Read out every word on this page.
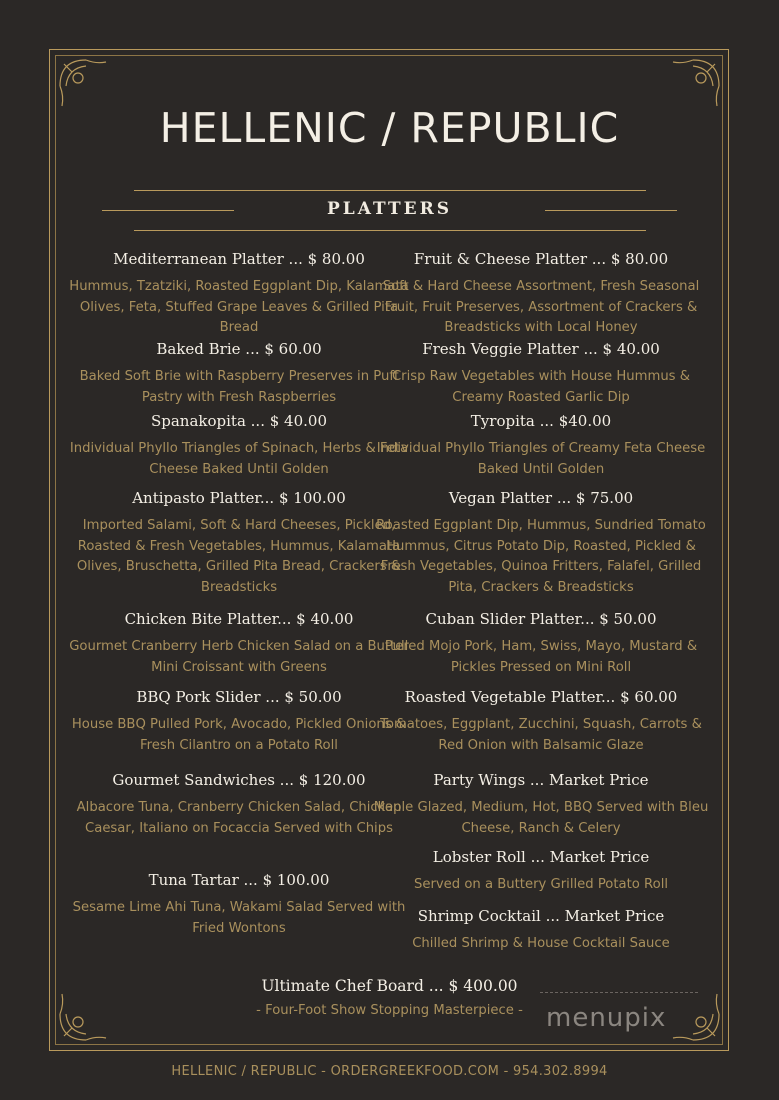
HELLENIC / REPUBLIC
PLATTERS
Mediterranean Platter ... $ 80.00
Hummus, Tzatziki, Roasted Eggplant Dip, Kalamata Olives, Feta, Stuffed Grape Leaves & Grilled Pita Bread
Baked Brie ... $ 60.00
Baked Soft Brie with Raspberry Preserves in Puff Pastry with Fresh Raspberries
Spanakopita ... $ 40.00
Individual Phyllo Triangles of Spinach, Herbs & Feta Cheese Baked Until Golden
Antipasto Platter... $ 100.00
Imported Salami, Soft & Hard Cheeses, Pickled, Roasted & Fresh Vegetables, Hummus, Kalamata Olives, Bruschetta, Grilled Pita Bread, Crackers & Breadsticks
Chicken Bite Platter... $ 40.00
Gourmet Cranberry Herb Chicken Salad on a Butter Mini Croissant with Greens
BBQ Pork Slider ... $ 50.00
House BBQ Pulled Pork, Avocado, Pickled Onions & Fresh Cilantro on a Potato Roll
Gourmet Sandwiches ... $ 120.00
Albacore Tuna, Cranberry Chicken Salad, Chicken Caesar, Italiano on Focaccia Served with Chips
Tuna Tartar ... $ 100.00
Sesame Lime Ahi Tuna, Wakami Salad Served with Fried Wontons
Fruit & Cheese Platter ... $ 80.00
Soft & Hard Cheese Assortment, Fresh Seasonal Fruit, Fruit Preserves, Assortment of Crackers & Breadsticks with Local Honey
Fresh Veggie Platter ... $ 40.00
Crisp Raw Vegetables with House Hummus & Creamy Roasted Garlic Dip
Tyropita ... $40.00
Individual Phyllo Triangles of Creamy Feta Cheese Baked Until Golden
Vegan Platter ... $ 75.00
Roasted Eggplant Dip, Hummus, Sundried Tomato Hummus, Citrus Potato Dip, Roasted, Pickled & Fresh Vegetables, Quinoa Fritters, Falafel, Grilled Pita, Crackers & Breadsticks
Cuban Slider Platter... $ 50.00
Pulled Mojo Pork, Ham, Swiss, Mayo, Mustard & Pickles Pressed on Mini Roll
Roasted Vegetable Platter... $ 60.00
Tomatoes, Eggplant, Zucchini, Squash, Carrots & Red Onion with Balsamic Glaze
Party Wings ... Market Price
Maple Glazed, Medium, Hot, BBQ Served with Bleu Cheese, Ranch & Celery
Lobster Roll ... Market Price
Served on a Buttery Grilled Potato Roll
Shrimp Cocktail ... Market Price
Chilled Shrimp & House Cocktail Sauce
Ultimate Chef Board ... $ 400.00
- Four-Foot Show Stopping Masterpiece - menupix
HELLENIC / REPUBLIC - ORDERGREEKFOOD.COM - 954.302.8994
